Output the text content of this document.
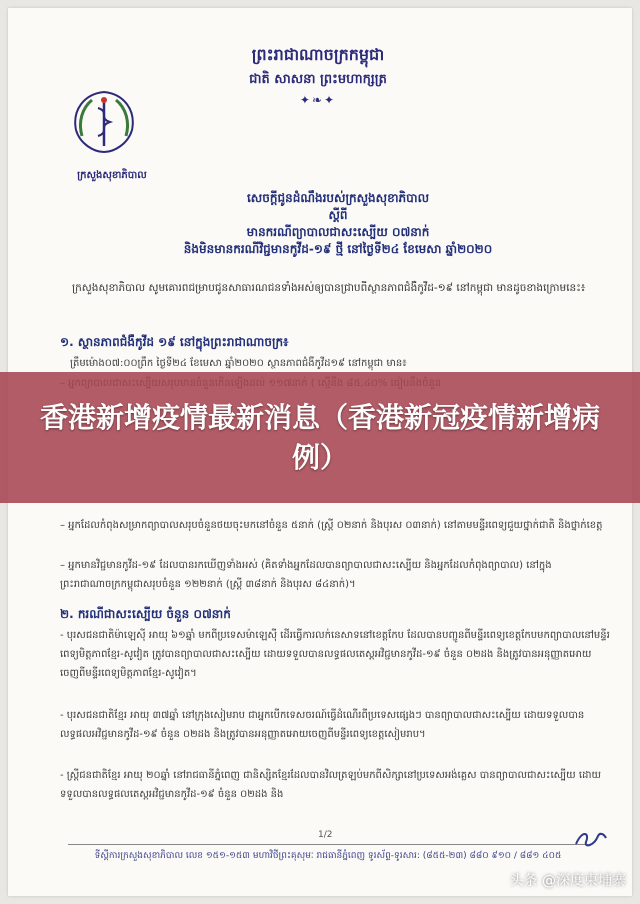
ក្រសួងសុខាភិបាល
ព្រះរាជាណាចក្រកម្ពុជា
ជាតិ សាសនា ព្រះមហាក្សត្រ
✦❧✦
សេចក្តីជូនដំណឹងរបស់ក្រសួងសុខាភិបាល
ស្តីពី
មានករណីព្យាបាលជាសះស្បើយ ០៧នាក់
និងមិនមានករណីវិជ្ជមានកូវីដ-១៩ ថ្មី នៅថ្ងៃទី២៤ ខែមេសា ឆ្នាំ២០២០
ក្រសួងសុខាភិបាល សូមគោរពជម្រាបជូនសាធារណជនទាំងអស់ឲ្យបានជ្រាបពីស្ថានភាពជំងឺកូវីដ-១៩ នៅកម្ពុជា មានដូចខាងក្រោមនេះ៖
១. ស្ថានភាពជំងឺកូវីដ ១៩ នៅក្នុងព្រះរាជាណាចក្រ៖
ត្រឹមម៉ោង០៧:០០ព្រឹក ថ្ងៃទី២៤ ខែមេសា ឆ្នាំ២០២០ ស្ថានភាពជំងឺកូវីដ១៩ នៅកម្ពុជា មាន៖
– អ្នកដែលកំពុងសម្រាកព្យាបាលសរុបចំនួនថយចុះមកនៅចំនួន ៥នាក់ (ស្រ្តី ០២នាក់ និងបុរស ០៣នាក់) នៅតាមមន្ទីរពេទ្យជួយថ្នាក់ជាតិ និងថ្នាក់ខេត្ត
– អ្នកមានវិជ្ជមានកូវីដ-១៩ ដែលបានរកឃើញទាំងអស់ (គិតទាំងអ្នកដែលបានព្យាបាលជាសះស្បើយ និងអ្នកដែលកំពុងព្យាបាល) នៅក្នុងព្រះរាជាណាចក្រកម្ពុជាសរុបចំនួន ១២២នាក់ (ស្រ្តី ៣៨នាក់ និងបុរស ៨៤នាក់)។
២. ករណីជាសះស្បើយ ចំនួន ០៧នាក់
- បុរសជនជាតិម៉ាឡេស៊ី អាយុ ៦១ឆ្នាំ មកពីប្រទេសម៉ាឡេស៊ី ដើរធ្វើការលក់នេសាទនៅខេត្តកែប ដែលបានបញ្ជូនពីមន្ទីរពេទ្យខេត្តកែបមកព្យាបាលនៅមន្ទីរពេទ្យមិត្តភាពខ្មែរ-សូវៀត ត្រូវបានព្យាបាលជាសះស្បើយ ដោយទទួលបានលទ្ធផលតេស្តអវិជ្ជមានកូវីដ-១៩ ចំនួន ០២ដង និងត្រូវបានអនុញ្ញាតអោយចេញពីមន្ទីរពេទ្យមិត្តភាពខ្មែរ-សូវៀត។
- បុរសជនជាតិខ្មែរ អាយុ ៣៧ឆ្នាំ នៅក្រុងសៀមរាប ជាអ្នកបើកទេសចរណ៍ធ្វើដំណើរពីប្រទេសផ្សេងៗ បានព្យាបាលជាសះស្បើយ ដោយទទួលបានលទ្ធផលអវិជ្ជមានកូវីដ-១៩ ចំនួន ០២ដង និងត្រូវបានអនុញ្ញាតអោយចេញពីមន្ទីរពេទ្យខេត្តសៀមរាប។
- ស្រ្តីជនជាតិខ្មែរ អាយុ ២០ឆ្នាំ នៅរាជធានីភ្នំពេញ ជានិស្សិតខ្មែរដែលបានវិលត្រឡប់មកពីសិក្សានៅប្រទេសអង់គ្លេស បានព្យាបាលជាសះស្បើយ ដោយទទួលបានលទ្ធផលតេស្តអវិជ្ជមានកូវីដ-១៩ ចំនួន ០២ដង និង
1/2
ទីស្តីការក្រសួងសុខាភិបាល លេខ ១៥១-១៥៣ មហាវិថីព្រះគុសុមៈ រាជធានីភ្នំពេញ ទូរស័ព្ទ-ទូរសារ: (៨៥៥-២៣) ៨៨០ ៩១០ / ៨៨១ ៤០៥
香港新增疫情最新消息（香港新冠疫情新增病例）
头条 @深度柬埔寨
